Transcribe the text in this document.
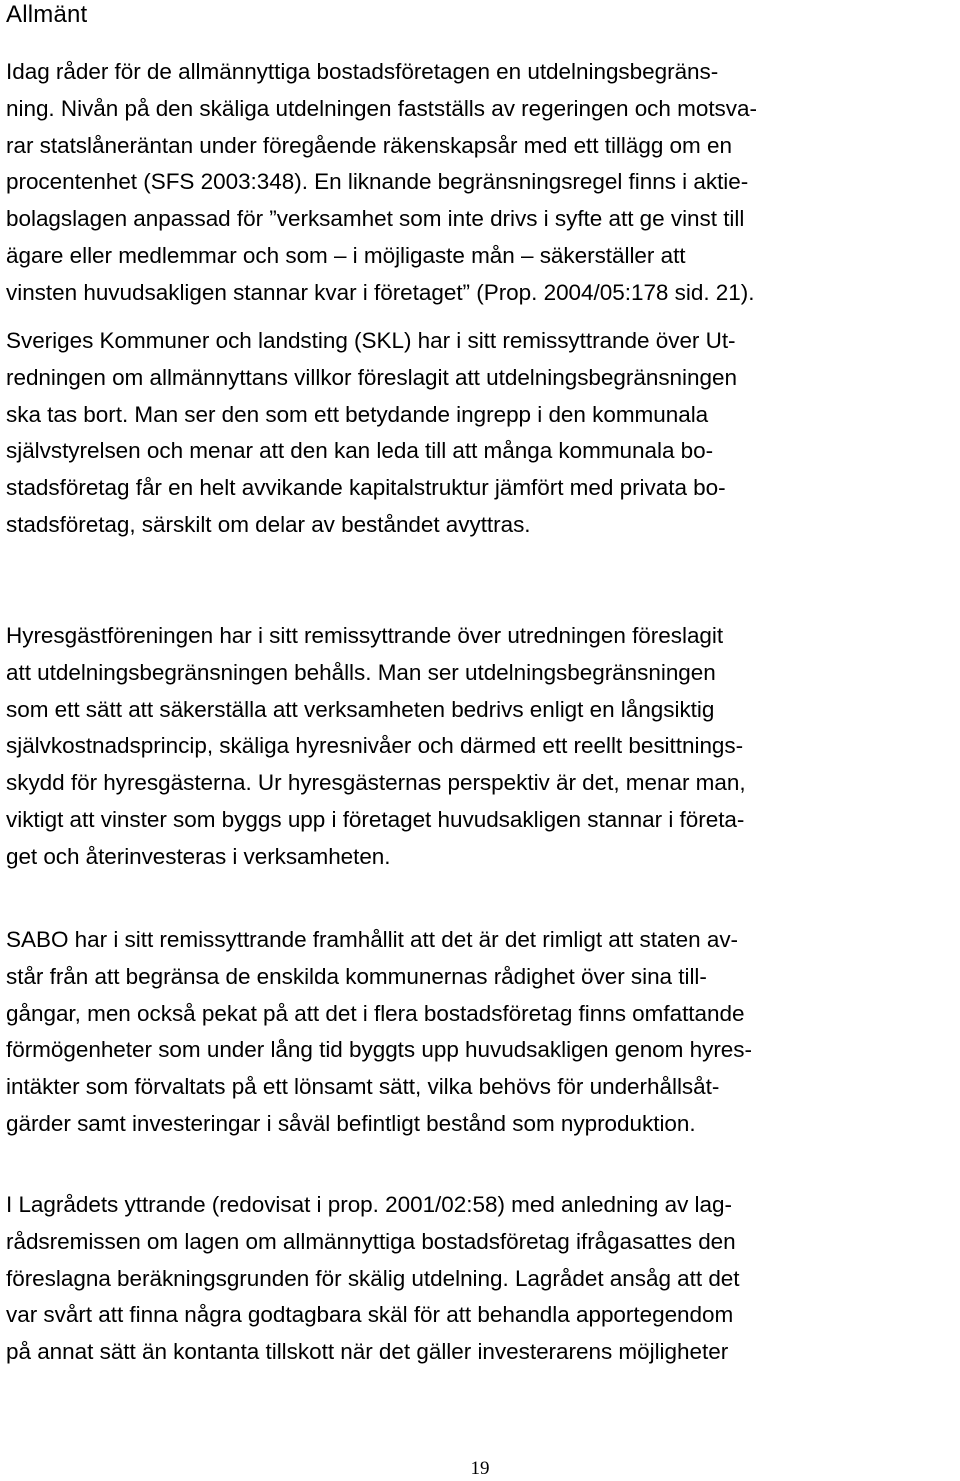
Allmänt
Idag råder för de allmännyttiga bostadsföretagen en utdelningsbegräns-
ning. Nivån på den skäliga utdelningen fastställs av regeringen och motsva-
rar statslåneräntan under föregående räkenskapsår med ett tillägg om en
procentenhet (SFS 2003:348). En liknande begränsningsregel finns i aktie-
bolagslagen anpassad för ”verksamhet som inte drivs i syfte att ge vinst till
ägare eller medlemmar och som – i möjligaste mån – säkerställer att
vinsten huvudsakligen stannar kvar i företaget” (Prop. 2004/05:178 sid. 21).
Sveriges Kommuner och landsting (SKL) har i sitt remissyttrande över Ut-
redningen om allmännyttans villkor föreslagit att utdelningsbegränsningen
ska tas bort. Man ser den som ett betydande ingrepp i den kommunala
självstyrelsen och menar att den kan leda till att många kommunala bo-
stadsföretag får en helt avvikande kapitalstruktur jämfört med privata bo-
stadsföretag, särskilt om delar av beståndet avyttras.
Hyresgästföreningen har i sitt remissyttrande över utredningen föreslagit
att utdelningsbegränsningen behålls. Man ser utdelningsbegränsningen
som ett sätt att säkerställa att verksamheten bedrivs enligt en långsiktig
självkostnadsprincip, skäliga hyresnivåer och därmed ett reellt besittnings-
skydd för hyresgästerna. Ur hyresgästernas perspektiv är det, menar man,
viktigt att vinster som byggs upp i företaget huvudsakligen stannar i företa-
get och återinvesteras i verksamheten.
SABO har i sitt remissyttrande framhållit att det är det rimligt att staten av-
står från att begränsa de enskilda kommunernas rådighet över sina till-
gångar, men också pekat på att det i flera bostadsföretag finns omfattande
förmögenheter som under lång tid byggts upp huvudsakligen genom hyres-
intäkter som förvaltats på ett lönsamt sätt, vilka behövs för underhållsåt-
gärder samt investeringar i såväl befintligt bestånd som nyproduktion.
I Lagrådets yttrande (redovisat i prop. 2001/02:58) med anledning av lag-
rådsremissen om lagen om allmännyttiga bostadsföretag ifrågasattes den
föreslagna beräkningsgrunden för skälig utdelning. Lagrådet ansåg att det
var svårt att finna några godtagbara skäl för att behandla apportegendom
på annat sätt än kontanta tillskott när det gäller investerarens möjligheter
19
